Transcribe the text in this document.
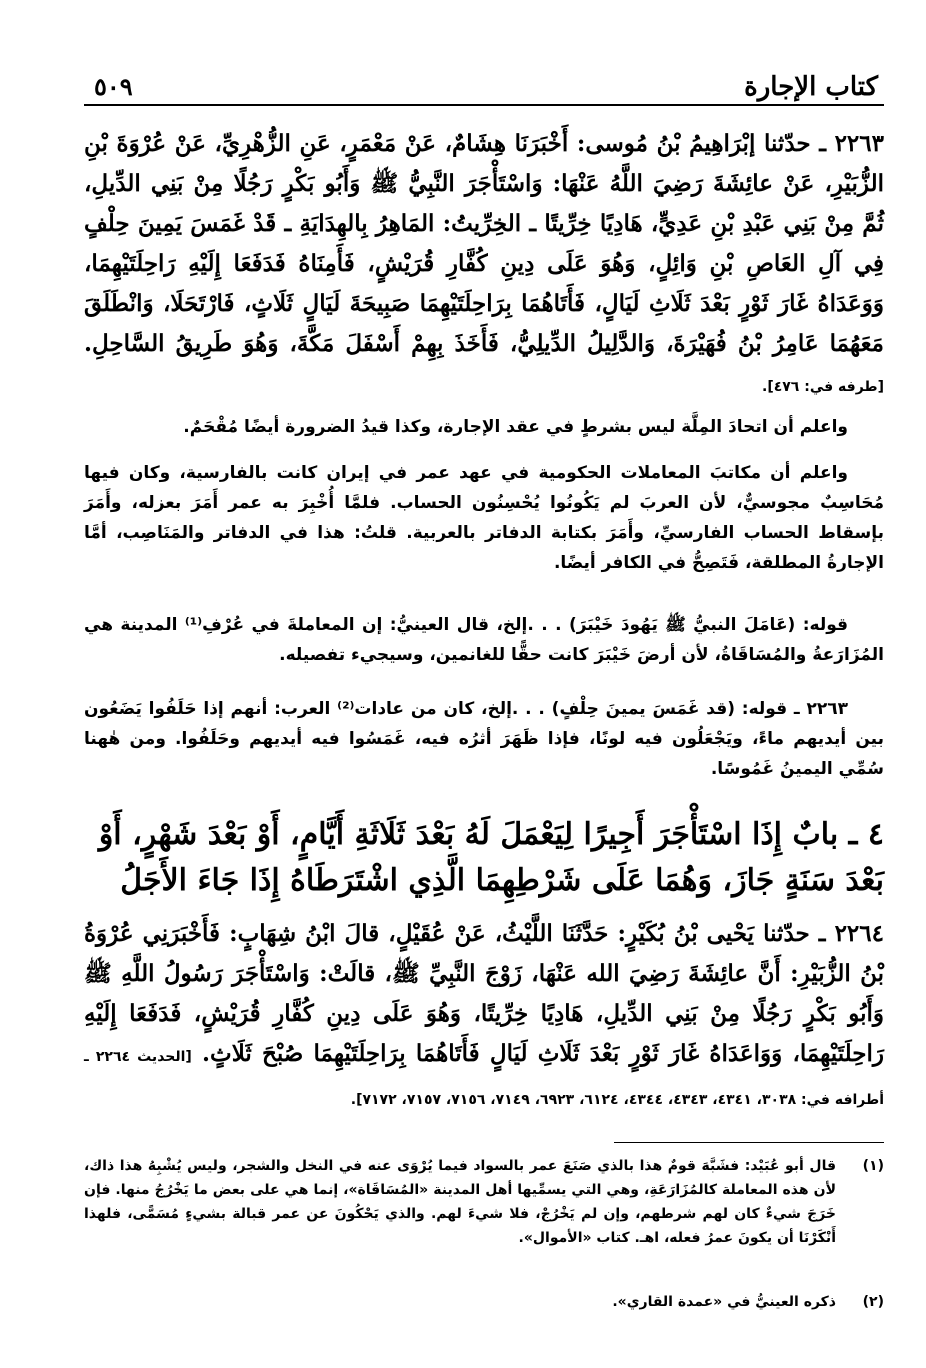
كتاب الإجارة
٥٠٩
٢٢٦٣ ـ حدّثنا إبْرَاهِيمُ بْنُ مُوسى: أَخْبَرَنَا هِشَامٌ، عَنْ مَعْمَرٍ، عَنِ الزُّهْرِيِّ، عَنْ عُرْوَةَ بْنِ الزُّبَيْرِ، عَنْ عائِشَةَ رَضِيَ اللَّهُ عَنْهَا: وَاسْتَأْجَرَ النَّبِيُّ ﷺ وَأَبُو بَكْرٍ رَجُلًا مِنْ بَنِي الدِّيلِ، ثُمَّ مِنْ بَنِي عَبْدِ بْنِ عَدِيٍّ، هَادِيًا خِرِّيتًا ـ الخِرِّيتُ: المَاهِرُ بِالهِدَايَةِ ـ قَدْ غَمَسَ يَمِينَ حِلْفٍ فِي آلِ العَاصِ بْنِ وَائِلٍ، وَهُوَ عَلَى دِينِ كُفَّارِ قُرَيْشٍ، فَأَمِنَاهُ فَدَفَعَا إِلَيْهِ رَاحِلَتَيْهِمَا، وَوَعَدَاهُ غَارَ ثَوْرٍ بَعْدَ ثَلَاثِ لَيَالٍ، فَأَتَاهُمَا بِرَاحِلَتَيْهِمَا صَبِيحَةَ لَيَالٍ ثَلَاثٍ، فَارْتَحَلَا، وَانْطَلَقَ مَعَهُمَا عَامِرُ بْنُ فُهَيْرَةَ، وَالدَّلِيلُ الدِّيلِيُّ، فَأَخَذَ بِهِمْ أَسْفَلَ مَكَّةَ، وَهُوَ طَرِيقُ السَّاحِلِ. [طرفه في: ٤٧٦].
واعلم أن اتحادَ المِلَّة ليس بشرطٍ في عقد الإجارة، وكذا قيدُ الضرورة أيضًا مُقْحَمٌ.
واعلم أن مكاتبَ المعاملات الحكومية في عهد عمر في إيران كانت بالفارسية، وكان فيها مُحَاسِبٌ مجوسيٌّ، لأن العربَ لم يَكُونُوا يُحْسِنُون الحساب. فلمَّا أُخْبِرَ به عمر أَمَرَ بعزله، وأَمَرَ بإسقاط الحساب الفارسيِّ، وأَمَرَ بكتابة الدفاتر بالعربية. قلتُ: هذا في الدفاتر والمَنَاصِب، أمَّا الإجارةُ المطلقة، فَتَصِحُّ في الكافر أيضًا.
قوله: (عَامَلَ النبيُّ ﷺ يَهُودَ خَيْبَرَ) . . .إلخ، قال العينيُّ: إن المعاملةَ في عُرْفِ⁽¹⁾ المدينة هي المُزَارَعةُ والمُسَاقَاةُ، لأن أرضَ خَيْبَرَ كانت حقًّا للغانمين، وسيجيء تفصيله.
٢٢٦٣ ـ قوله: (قد غَمَسَ يمينَ حِلْفٍ) . . .إلخ، كان من عادات⁽²⁾ العرب: أنهم إذا حَلَفُوا يَضَعُون بين أيديهم ماءً، ويَجْعَلُون فيه لونًا، فإذا ظَهَرَ أثرُه فيه، غَمَسُوا فيه أيديهم وحَلَفُوا. ومن هٰهنا سُمِّي اليمينُ غَمُوسًا.
٤ ـ بابٌ إِذَا اسْتَأْجَرَ أَجِيرًا لِيَعْمَلَ لَهُ بَعْدَ ثَلَاثَةِ أَيَّامٍ، أَوْ بَعْدَ شَهْرٍ، أَوْ بَعْدَ سَنَةٍ جَازَ، وَهُمَا عَلَى شَرْطِهِمَا الَّذِي اشْتَرَطَاهُ إِذَا جَاءَ الأَجَلُ
٢٢٦٤ ـ حدّثنا يَحْيى بْنُ بُكَيْرٍ: حَدَّثَنَا اللَّيْثُ، عَنْ عُقَيْلٍ، قالَ ابْنُ شِهَابٍ: فَأَخْبَرَنِي عُرْوَةُ بْنُ الزُّبَيْرِ: أَنَّ عائِشَةَ رَضِيَ الله عَنْهَا، زَوْجَ النَّبِيِّ ﷺ، قالَتْ: وَاسْتَأْجَرَ رَسُولُ اللَّهِ ﷺ وَأَبُو بَكْرٍ رَجُلًا مِنْ بَنِي الدِّيلِ، هَادِيًا خِرِّيتًا، وَهُوَ عَلَى دِينِ كُفَّارِ قُرَيْشٍ، فَدَفَعَا إِلَيْهِ رَاحِلَتَيْهِمَا، وَوَاعَدَاهُ غَارَ ثَوْرٍ بَعْدَ ثَلَاثِ لَيَالٍ فَأَتَاهُمَا بِرَاحِلَتَيْهِمَا صُبْحَ ثَلَاثٍ. [الحديث ٢٢٦٤ ـ أطرافه في: ٣٠٣٨، ٤٣٤١، ٤٣٤٣، ٤٣٤٤، ٦١٢٤، ٦٩٢٣، ٧١٤٩، ٧١٥٦، ٧١٥٧، ٧١٧٢].
(١)
قال أبو عُبَيْد: فشَبَّهَ قومٌ هذا بالذي صَنَعَ عمر بالسواد فيما يُرْوَى عنه في النخل والشجر، وليس يُشْبِهُ هذا ذاك، لأن هذه المعاملة كالمُزَارَعَةِ، وهي التي يسمِّيها أهل المدينة «المُسَاقَاة»، إنما هي على بعض ما يَخْرُجُ منها. فإن خَرَجَ شيءٌ كان لهم شرطهم، وإن لم يَخْرُجْ، فلا شيءَ لهم. والذي يَحْكُونَ عن عمر قبالة بشيءٍ مُسَمًّى، فلهذا أَنْكَرْنَا أن يكونَ عمرُ فعله، اهـ. كتاب «الأموال».
(٢)
ذكره العينيُّ في «عمدة القاري».
